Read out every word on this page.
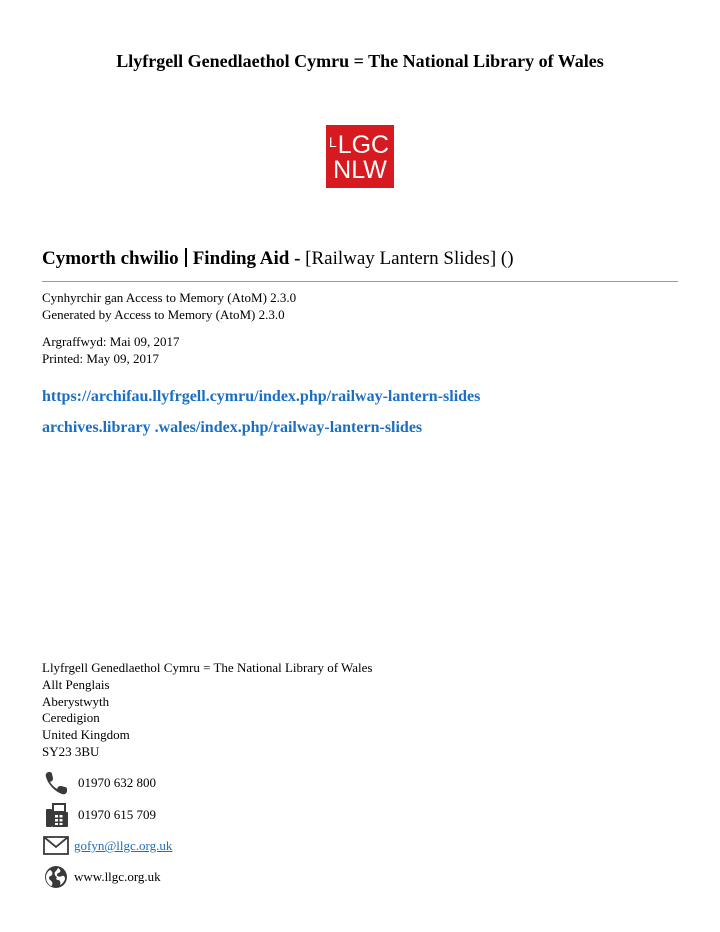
Llyfrgell Genedlaethol Cymru = The National Library of Wales
$^L$LGC
NLW
Cymorth chwilio Finding Aid - [Railway Lantern Slides] ()
Cynhyrchir gan Access to Memory (AtoM) 2.3.0
Generated by Access to Memory (AtoM) 2.3.0
Argraffwyd: Mai 09, 2017
Printed: May 09, 2017
https://archifau.llyfrgell.cymru/index.php/railway-lantern-slides
archives.library .wales/index.php/railway-lantern-slides
Llyfrgell Genedlaethol Cymru = The National Library of Wales
Allt Penglais
Aberystwyth
Ceredigion
United Kingdom
SY23 3BU
01970 632 800
01970 615 709
gofyn@llgc.org.uk
www.llgc.org.uk
